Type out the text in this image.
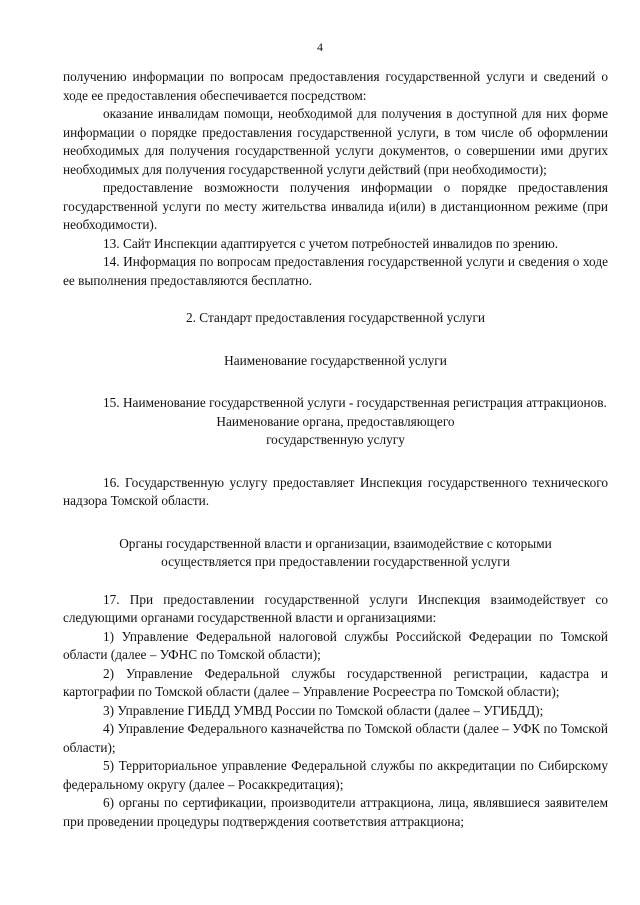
4

получению информации по вопросам предоставления государственной услуги и сведений о ходе ее предоставления обеспечивается посредством:

оказание инвалидам помощи, необходимой для получения в доступной для них форме информации о порядке предоставления государственной услуги, в том числе об оформлении необходимых для получения государственной услуги документов, о совершении ими других необходимых для получения государственной услуги действий (при необходимости);

предоставление возможности получения информации о порядке предоставления государственной услуги по месту жительства инвалида и(или) в дистанционном режиме (при необходимости).

13. Сайт Инспекции адаптируется с учетом потребностей инвалидов по зрению.

14. Информация по вопросам предоставления государственной услуги и сведения о ходе ее выполнения предоставляются бесплатно.

2. Стандарт предоставления государственной услуги

Наименование государственной услуги

15. Наименование государственной услуги - государственная регистрация аттракционов.

Наименование органа, предоставляющего

государственную услугу

16. Государственную услугу предоставляет Инспекция государственного технического надзора Томской области.

Органы государственной власти и организации, взаимодействие с которыми

осуществляется при предоставлении государственной услуги

17. При предоставлении государственной услуги Инспекция взаимодействует со следующими органами государственной власти и организациями:

1) Управление Федеральной налоговой службы Российской Федерации по Томской области (далее – УФНС по Томской области);

2) Управление Федеральной службы государственной регистрации, кадастра и картографии по Томской области (далее – Управление Росреестра по Томской области);

3) Управление ГИБДД УМВД России по Томской области (далее – УГИБДД);

4) Управление Федерального казначейства по Томской области (далее – УФК по Томской области);

5) Территориальное управление Федеральной службы по аккредитации по Сибирскому федеральному округу (далее – Росаккредитация);

6) органы по сертификации, производители аттракциона, лица, являвшиеся заявителем при проведении процедуры подтверждения соответствия аттракциона;
